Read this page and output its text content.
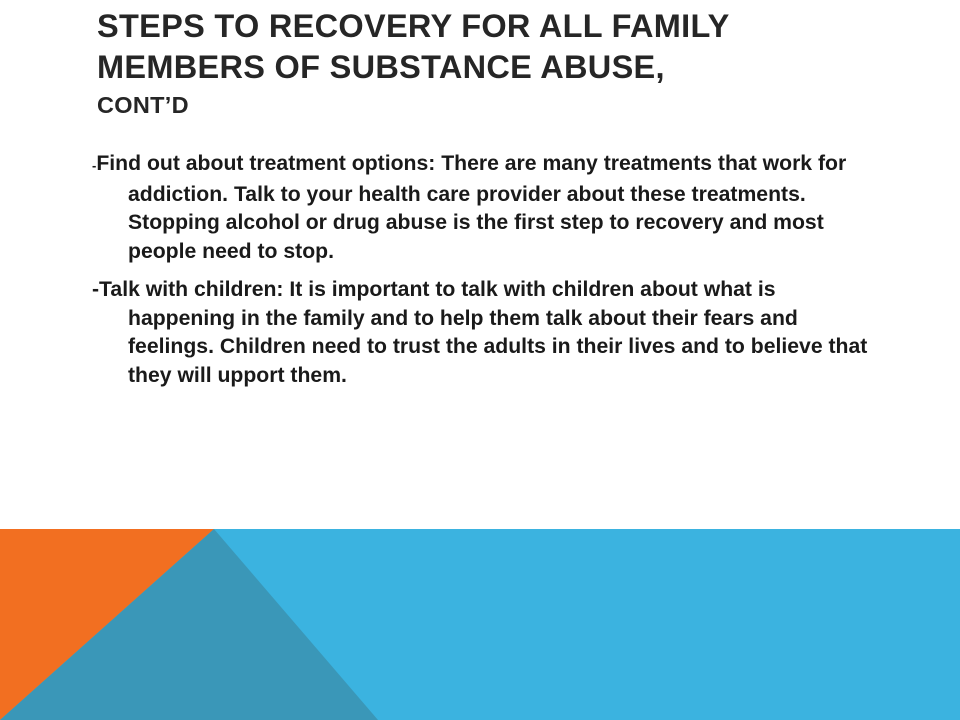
STEPS TO RECOVERY FOR ALL FAMILY
MEMBERS OF SUBSTANCE ABUSE,
CONT’D

-Find out about treatment options: There are many treatments that work for addiction. Talk to your health care provider about these treatments. Stopping alcohol or drug abuse is the first step to recovery and most people need to stop.

-Talk with children: It is important to talk with children about what is happening in the family and to help them talk about their fears and feelings. Children need to trust the adults in their lives and to believe that they will upport them.
